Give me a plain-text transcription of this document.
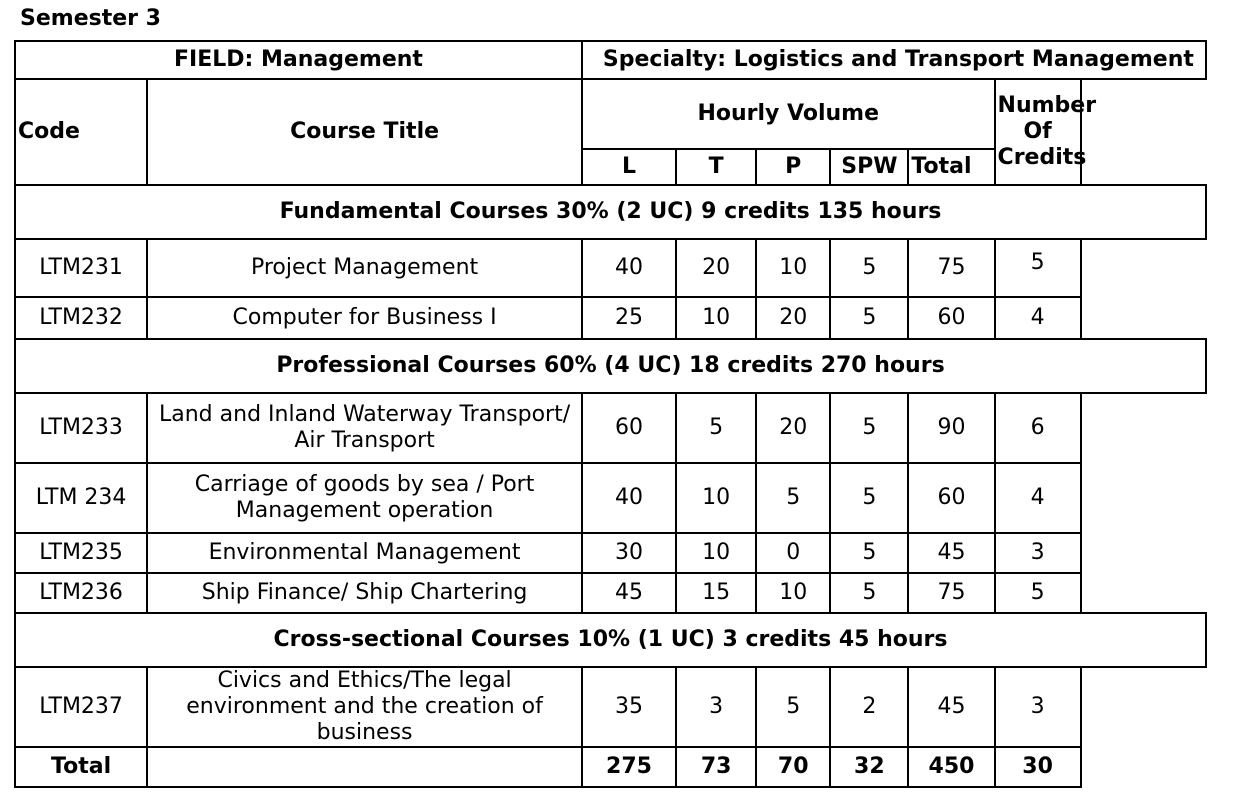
Semester 3
FIELD: Management		Specialty: Logistics and Transport Management					
Code	Course Title	Hourly Volume					Number
Of
Credits

		L	T	P	SPW	Total	
Fundamental Courses 30% (2 UC) 9 credits 135 hours							
LTM231	Project Management	40	20	10	5	75	5
LTM232	Computer for Business I	25	10	20	5	60	4
Professional Courses 60% (4 UC) 18 credits 270 hours							
LTM233	Land and Inland Waterway Transport/ Air Transport	60	5	20	5	90	6
LTM 234	Carriage of goods by sea / Port Management operation	40	10	5	5	60	4
LTM235	Environmental Management	30	10	0	5	45	3
LTM236	Ship Finance/ Ship Chartering	45	15	10	5	75	5
Cross-sectional Courses 10% (1 UC) 3 credits 45 hours							
LTM237	Civics and Ethics/The legal environment and the creation of business	35	3	5	2	45	3
Total		275	73	70	32	450	30
